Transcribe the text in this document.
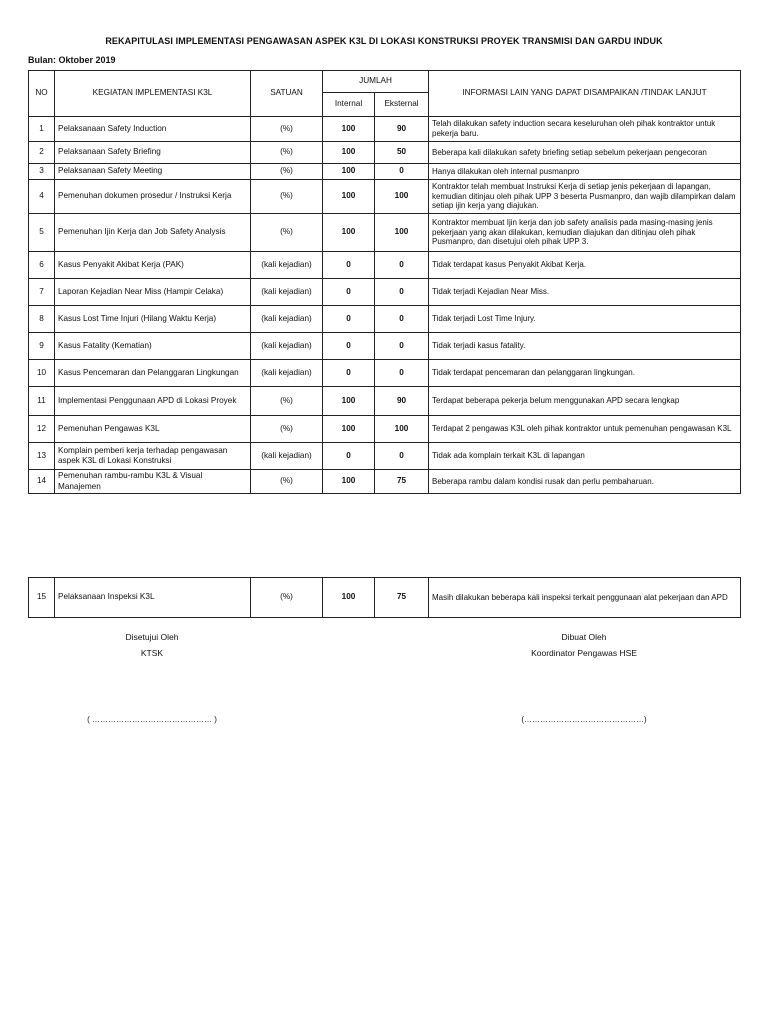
REKAPITULASI IMPLEMENTASI PENGAWASAN ASPEK K3L DI LOKASI KONSTRUKSI PROYEK TRANSMISI DAN GARDU INDUK
Bulan: Oktober 2019
NO	KEGIATAN IMPLEMENTASI K3L	SATUAN	JUMLAH		INFORMASI LAIN YANG DAPAT DISAMPAIKAN /TINDAK LANJUT
			Internal	Eksternal	
1	Pelaksanaan Safety Induction	(%)	100	90	Telah dilakukan safety induction secara keseluruhan oleh pihak kontraktor untuk pekerja baru.
2	Pelaksanaan Safety Briefing	(%)	100	50	Beberapa kali dilakukan safety briefing setiap sebelum pekerjaan pengecoran
3	Pelaksanaan Safety Meeting	(%)	100	0	Hanya dilakukan oleh internal pusmanpro
4	Pemenuhan dokumen prosedur / Instruksi Kerja	(%)	100	100	Kontraktor telah membuat Instruksi Kerja di setiap jenis pekerjaan di lapangan, kemudian ditinjau oleh pihak UPP 3 beserta Pusmanpro, dan wajib dilampirkan dalam setiap ijin kerja yang diajukan.
5	Pemenuhan Ijin Kerja dan Job Safety Analysis	(%)	100	100	Kontraktor membuat Ijin kerja dan job safety analisis pada masing-masing jenis pekerjaan yang akan dilakukan, kemudian diajukan dan ditinjau oleh pihak Pusmanpro, dan disetujui oleh pihak UPP 3.
6	Kasus Penyakit Akibat Kerja (PAK)	(kali kejadian)	0	0	Tidak terdapat kasus Penyakit Akibat Kerja.
7	Laporan Kejadian Near Miss (Hampir Celaka)	(kali kejadian)	0	0	Tidak terjadi Kejadian Near Miss.
8	Kasus Lost Time Injuri (Hilang Waktu Kerja)	(kali kejadian)	0	0	Tidak terjadi Lost Time Injury.
9	Kasus Fatality (Kematian)	(kali kejadian)	0	0	Tidak terjadi kasus fatality.
10	Kasus Pencemaran dan Pelanggaran Lingkungan	(kali kejadian)	0	0	Tidak terdapat pencemaran dan pelanggaran lingkungan.
11	Implementasi Penggunaan APD di Lokasi Proyek	(%)	100	90	Terdapat beberapa pekerja belum menggunakan APD secara lengkap
12	Pemenuhan Pengawas K3L	(%)	100	100	Terdapat 2 pengawas K3L oleh pihak kontraktor untuk pemenuhan pengawasan K3L
13	Komplain pemberi kerja terhadap pengawasan aspek K3L di Lokasi Konstruksi	(kali kejadian)	0	0	Tidak ada komplain terkait K3L di lapangan
14	Pemenuhan rambu-rambu K3L & Visual Manajemen	(%)	100	75	Beberapa rambu dalam kondisi rusak dan perlu pembaharuan.
15	Pelaksanaan Inspeksi K3L	(%)	100	75	Masih dilakukan beberapa kali inspeksi terkait penggunaan alat pekerjaan dan APD
Disetujui Oleh
KTSK
Dibuat Oleh
Koordinator Pengawas HSE
( ……………………………………… )	(………………………………………)
